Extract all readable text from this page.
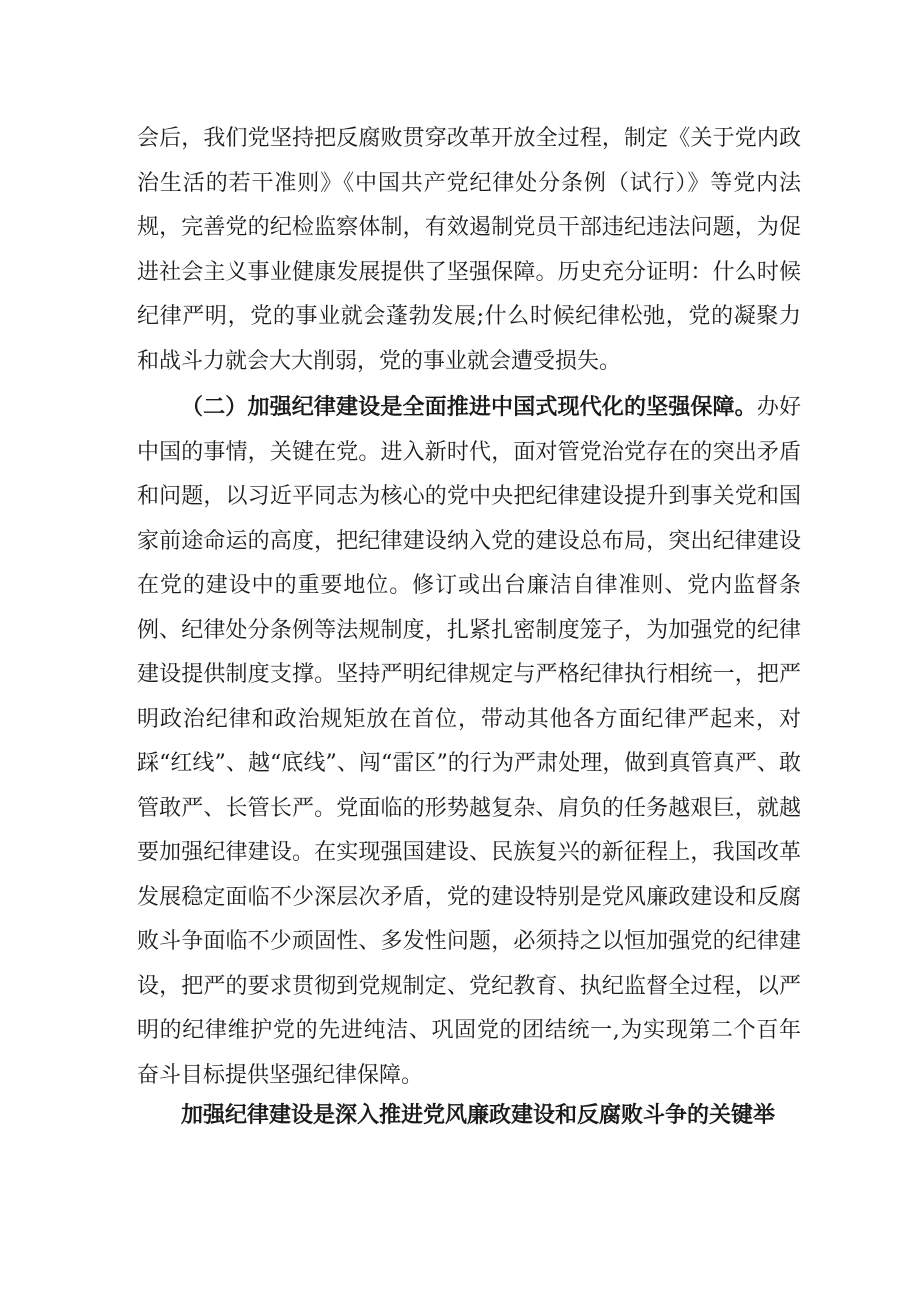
会后，我们党坚持把反腐败贯穿改革开放全过程，制定《关于党内政治生活的若干准则》《中国共产党纪律处分条例（试行）》等党内法规，完善党的纪检监察体制，有效遏制党员干部违纪违法问题，为促进社会主义事业健康发展提供了坚强保障。历史充分证明：什么时候纪律严明，党的事业就会蓬勃发展;什么时候纪律松弛，党的凝聚力和战斗力就会大大削弱，党的事业就会遭受损失。

（二）加强纪律建设是全面推进中国式现代化的坚强保障。办好中国的事情，关键在党。进入新时代，面对管党治党存在的突出矛盾和问题，以习近平同志为核心的党中央把纪律建设提升到事关党和国家前途命运的高度，把纪律建设纳入党的建设总布局，突出纪律建设在党的建设中的重要地位。修订或出台廉洁自律准则、党内监督条例、纪律处分条例等法规制度，扎紧扎密制度笼子，为加强党的纪律建设提供制度支撑。坚持严明纪律规定与严格纪律执行相统一，把严明政治纪律和政治规矩放在首位，带动其他各方面纪律严起来，对踩“红线”、越“底线”、闯“雷区”的行为严肃处理，做到真管真严、敢管敢严、长管长严。党面临的形势越复杂、肩负的任务越艰巨，就越要加强纪律建设。在实现强国建设、民族复兴的新征程上，我国改革发展稳定面临不少深层次矛盾，党的建设特别是党风廉政建设和反腐败斗争面临不少顽固性、多发性问题，必须持之以恒加强党的纪律建设，把严的要求贯彻到党规制定、党纪教育、执纪监督全过程，以严明的纪律维护党的先进纯洁、巩固党的团结统一,为实现第二个百年奋斗目标提供坚强纪律保障。

加强纪律建设是深入推进党风廉政建设和反腐败斗争的关键举
